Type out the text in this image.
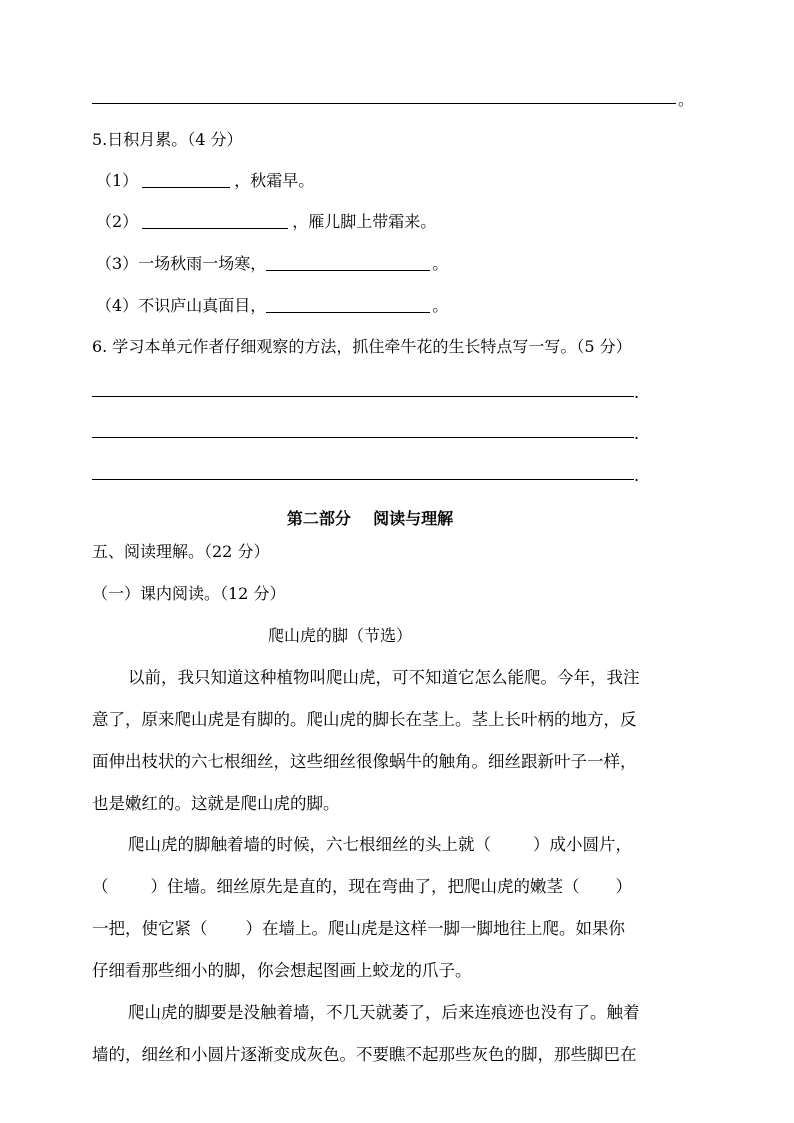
。
5.日积月累。（4 分）
（1）	，秋霜早。
（2）	，雁儿脚上带霜来。
（3）一场秋雨一场寒，	。
（4）不识庐山真面目，	。
6. 学习本单元作者仔细观察的方法，抓住牵牛花的生长特点写一写。（5 分）
.
.
.
第二部分    阅读与理解
五、阅读理解。（22 分）
（一）课内阅读。（12 分）
爬山虎的脚（节选）
以前，我只知道这种植物叫爬山虎，可不知道它怎么能爬。今年，我注
意了，原来爬山虎是有脚的。爬山虎的脚长在茎上。茎上长叶柄的地方，反
面伸出枝状的六七根细丝，这些细丝很像蜗牛的触角。细丝跟新叶子一样，
也是嫩红的。这就是爬山虎的脚。
爬山虎的脚触着墙的时候，六七根细丝的头上就（	）成小圆片，
（	）住墙。细丝原先是直的，现在弯曲了，把爬山虎的嫩茎（ ）
一把，使它紧（ ）在墙上。爬山虎是这样一脚一脚地往上爬。如果你
仔细看那些细小的脚，你会想起图画上蛟龙的爪子。
爬山虎的脚要是没触着墙，不几天就萎了，后来连痕迹也没有了。触着
墙的，细丝和小圆片逐渐变成灰色。不要瞧不起那些灰色的脚，那些脚巴在
